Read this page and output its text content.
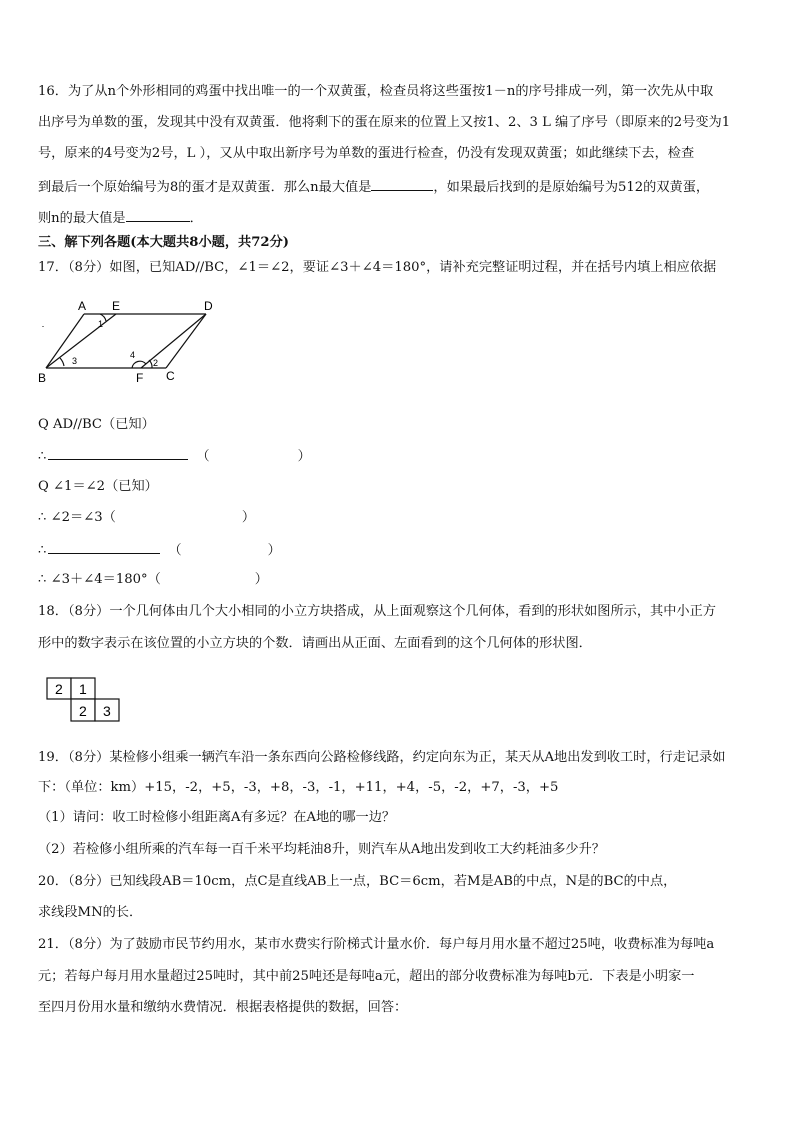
16．为了从n个外形相同的鸡蛋中找出唯一的一个双黄蛋，检查员将这些蛋按1－n的序号排成一列，第一次先从中取
出序号为单数的蛋，发现其中没有双黄蛋．他将剩下的蛋在原来的位置上又按1、2、3 L 编了序号（即原来的2号变为1
号，原来的4号变为2号，L ），又从中取出新序号为单数的蛋进行检查，仍没有发现双黄蛋；如此继续下去，检查
到最后一个原始编号为8的蛋才是双黄蛋．那么n最大值是	，如果最后找到的是原始编号为512的双黄蛋，
则n的最大值是	．
三、解下列各题(本大题共8小题，共72分)
17．（8分）如图，已知AD//BC，∠1＝∠2，要证∠3＋∠4＝180°，请补充完整证明过程，并在括号内填上相应依据
A E	D
B	F C
1
2
3
4
Q AD//BC（已知）
∴	（	）
Q ∠1＝∠2（已知）
∴ ∠2＝∠3（	）
∴	（	）
∴ ∠3＋∠4＝180°（	）
18．（8分）一个几何体由几个大小相同的小立方块搭成，从上面观察这个几何体，看到的形状如图所示，其中小正方
形中的数字表示在该位置的小立方块的个数．请画出从正面、左面看到的这个几何体的形状图．
2 1
2 3
19．（8分）某检修小组乘一辆汽车沿一条东西向公路检修线路，约定向东为正，某天从A地出发到收工时，行走记录如
下：（单位：km）+15，-2，+5，-3，+8，-3，-1，+11，+4，-5，-2，+7，-3，+5
（1）请问：收工时检修小组距离A有多远？在A地的哪一边？
（2）若检修小组所乘的汽车每一百千米平均耗油8升，则汽车从A地出发到收工大约耗油多少升？
20．（8分）已知线段AB＝10cm，点C是直线AB上一点，BC＝6cm，若M是AB的中点，N是的BC的中点，
求线段MN的长．
21．（8分）为了鼓励市民节约用水，某市水费实行阶梯式计量水价．每户每月用水量不超过25吨，收费标准为每吨a
元；若每户每月用水量超过25吨时，其中前25吨还是每吨a元，超出的部分收费标准为每吨b元．下表是小明家一
至四月份用水量和缴纳水费情况．根据表格提供的数据，回答：
